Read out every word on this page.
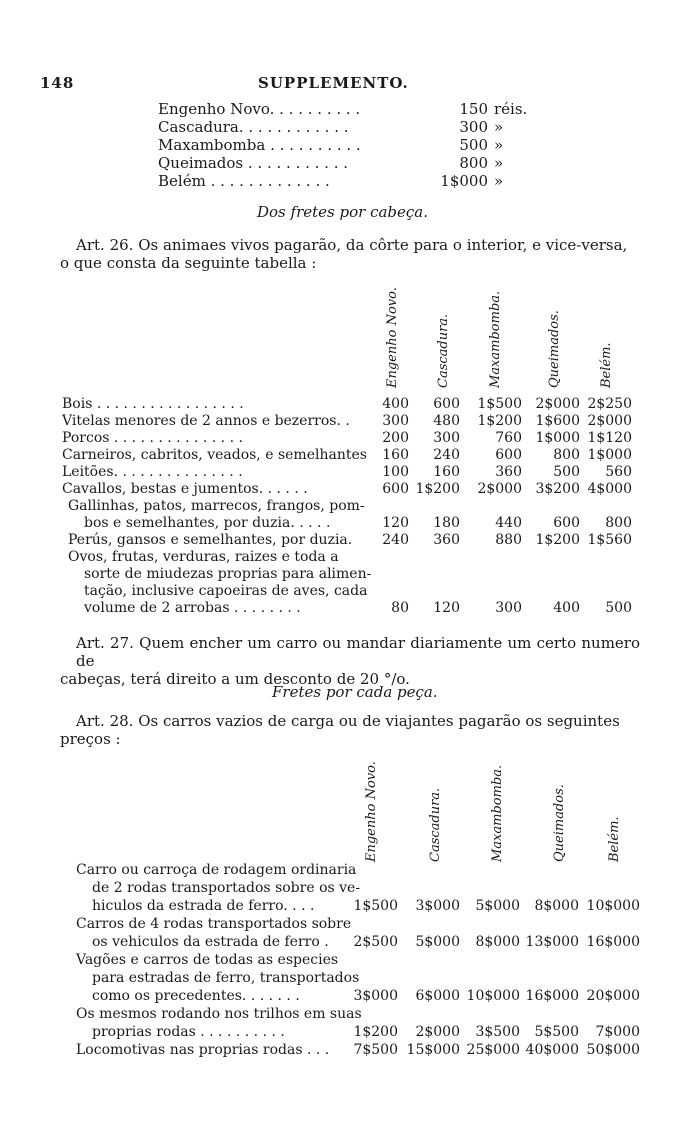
148	SUPPLEMENTO.
Engenho Novo. . . . . . . . . .	150 réis.
Cascadura. . . . . . . . . . . .	300 »
Maxambomba . . . . . . . . . .	500 »
Queimados . . . . . . . . . . .	800 »
Belém . . . . . . . . . . . . .	1$000 »
Dos fretes por cabeça.
Art. 26. Os animaes vivos pagarão, da côrte para o interior, e vice-versa,
o que consta da seguinte tabella :
Engenho Novo.	Cascadura.	Maxambomba.	Queimados.	Belém.
Bois . . . . . . . . . . . . . . . . .	400	600	1$500 2$000 2$250
Vitelas menores de 2 annos e bezerros. .	300	480	1$200 1$600 2$000
Porcos . . . . . . . . . . . . . . .	200	300	760 1$000 1$120
Carneiros, cabritos, veados, e semelhantes	160	240	600	800 1$000
Leitões. . . . . . . . . . . . . . .	100	160	360	500	560
Cavallos, bestas e jumentos. . . . . .	600 1$200	2$000 3$200 4$000
Gallinhas, patos, marrecos, frangos, pom-
bos e semelhantes, por duzia. . . . .	120	180	440	600	800
Perús, gansos e semelhantes, por duzia.	240	360	880 1$200 1$560
Ovos, frutas, verduras, raizes e toda a
sorte de miudezas proprias para alimen-
tação, inclusive capoeiras de aves, cada
volume de 2 arrobas . . . . . . . .	80	120	300	400	500
Art. 27. Quem encher um carro ou mandar diariamente um certo numero de
cabeças, terá direito a um desconto de 20 °/o.
Fretes por cada peça.
Art. 28. Os carros vazios de carga ou de viajantes pagarão os seguintes
preços :
Engenho Novo.	Cascadura.	Maxambomba.	Queimados.	Belém.
Carro ou carroça de rodagem ordinaria
de 2 rodas transportados sobre os ve-
hiculos da estrada de ferro. . . .	1$500	3$000	5$000	8$000 10$000
Carros de 4 rodas transportados sobre
os vehiculos da estrada de ferro .	2$500	5$000	8$000 13$000 16$000
Vagões e carros de todas as especies
para estradas de ferro, transportados
como os precedentes. . . . . . .	3$000	6$000 10$000 16$000 20$000
Os mesmos rodando nos trilhos em suas
proprias rodas . . . . . . . . . .	1$200	2$000	3$500	5$500	7$000
Locomotivas nas proprias rodas . . .	7$500 15$000 25$000 40$000 50$000
